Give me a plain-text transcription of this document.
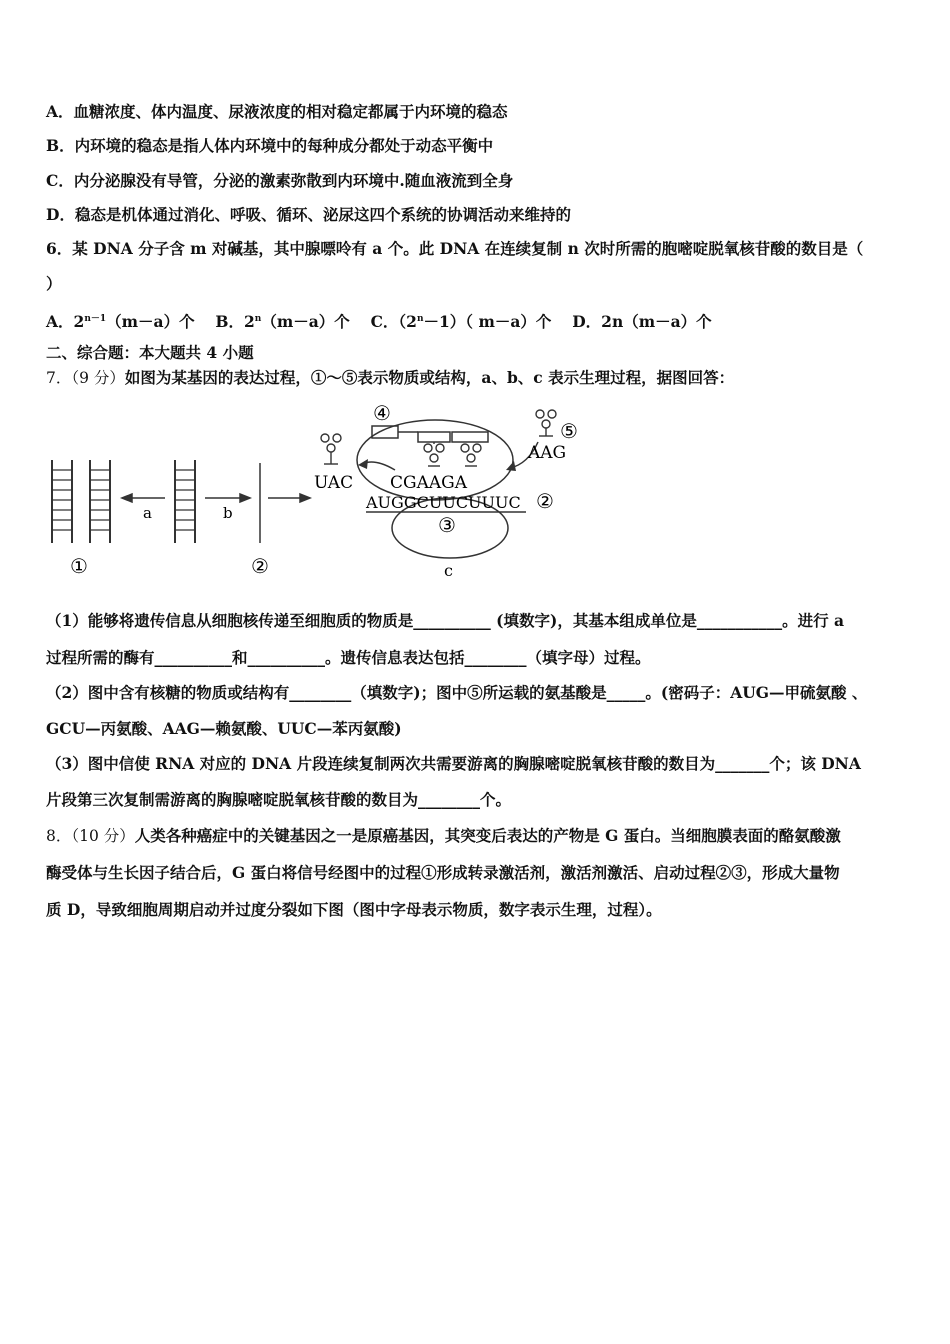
A．血糖浓度、体内温度、尿液浓度的相对稳定都属于内环境的稳态
B．内环境的稳态是指人体内环境中的每种成分都处于动态平衡中
C．内分泌腺没有导管，分泌的激素弥散到内环境中.随血液流到全身
D．稳态是机体通过消化、呼吸、循环、泌尿这四个系统的协调活动来维持的
6．某 DNA 分子含 m 对碱基，其中腺嘌呤有 a 个。此 DNA 在连续复制 n 次时所需的胞嘧啶脱氧核苷酸的数目是（
）
A．$2^{n-1}(m-a)$个 B．$2^n(m-a)$个 C．$(2^n-1)$（ m－a）个 D．2n（m－a）个
二、综合题：本大题共 4 小题
7．（9 分）如图为某基因的表达过程，①～⑤表示物质或结构，a、b、c 表示生理过程，据图回答：
a	b
①	②
UAC
AAG
④
⑤
CGAAGA
AUGGCUUCUUUC ②
③
c
（1）能够将遗传信息从细胞核传递至细胞质的物质是__________ (填数字)，其基本组成单位是___________。进行 a
过程所需的酶有__________和__________。遗传信息表达包括________（填字母）过程。
（2）图中含有核糖的物质或结构有________（填数字)；图中⑤所运载的氨基酸是_____。(密码子：AUG—甲硫氨酸 、
GCU—丙氨酸、AAG—赖氨酸、UUC—苯丙氨酸)
（3）图中信使 RNA 对应的 DNA 片段连续复制两次共需要游离的胸腺嘧啶脱氧核苷酸的数目为_______个；该 DNA
片段第三次复制需游离的胸腺嘧啶脱氧核苷酸的数目为________个。
8．（10 分）人类各种癌症中的关键基因之一是原癌基因，其突变后表达的产物是 G 蛋白。当细胞膜表面的酪氨酸激
酶受体与生长因子结合后，G 蛋白将信号经图中的过程①形成转录激活剂，激活剂激活、启动过程②③，形成大量物
质 D，导致细胞周期启动并过度分裂如下图（图中字母表示物质，数字表示生理，过程）。
